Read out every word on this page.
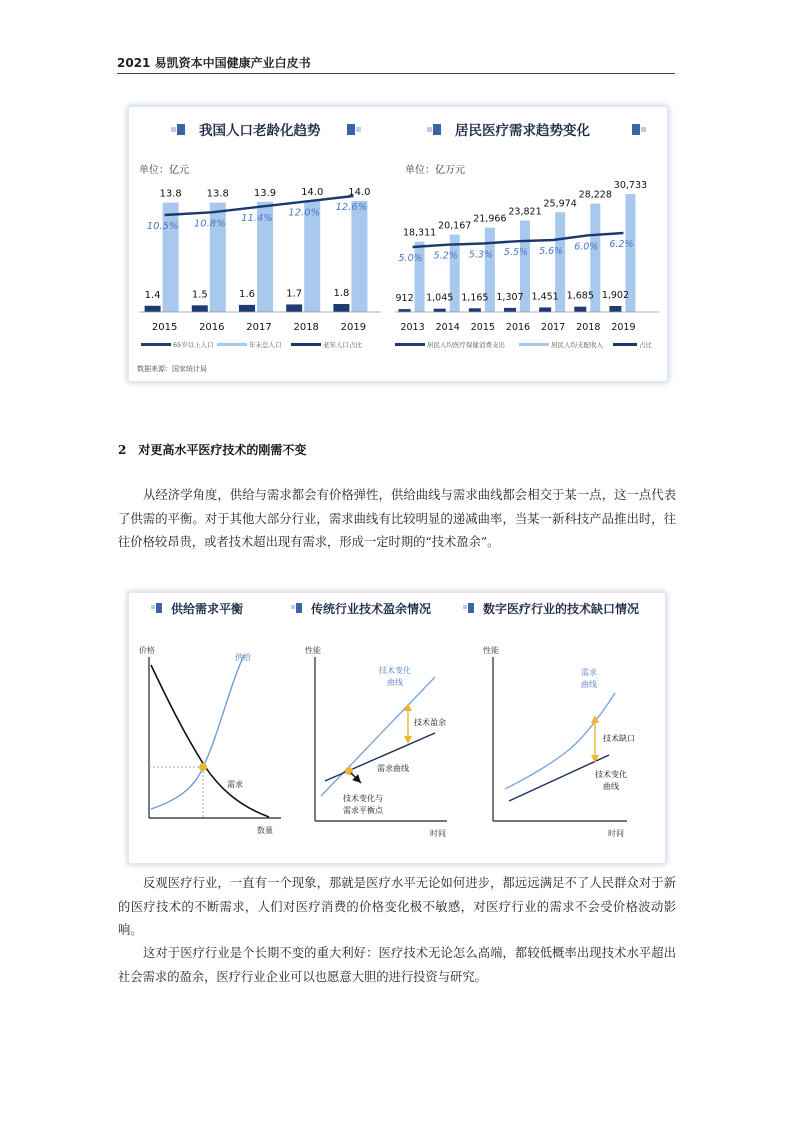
2021 易凯资本中国健康产业白皮书
我国人口老龄化趋势
单位：亿元
居民医疗需求趋势变化
单位：亿万元
13.8
1.4
2015
10.5%
13.8
1.5
2016
10.8%
13.9
1.6
2017
11.4%
14.0
1.7
2018
12.0%
14.0
1.8
2019
12.6%
18,311
912
2013
5.0%
20,167
1,045
2014
5.2%
21,966
1,165
2015
5.3%
23,821
1,307
2016
5.5%
25,974
1,451
2017
5.6%
28,228
1,685
2018
6.0%
30,733
1,902
2019
6.2%
65岁以上人口	年末总人口	老年人口占比	居民人均医疗保健消费支出	居民人均支配收入	占比
数据来源：国家统计局
2　对更高水平医疗技术的刚需不变

从经济学角度，供给与需求都会有价格弹性，供给曲线与需求曲线都会相交于某一点，这一点代表了供需的平衡。对于其他大部分行业，需求曲线有比较明显的递减曲率，当某一新科技产品推出时，往往价格较昂贵，或者技术超出现有需求，形成一定时期的“技术盈余”。

供给需求平衡
价格
数量
供给
需求
传统行业技术盈余情况
性能
时间
技术变化
曲线
技术盈余
需求曲线
技术变化与
需求平衡点
数字医疗行业的技术缺口情况
性能
时间
需求
曲线
技术缺口
技术变化
曲线

反观医疗行业，一直有一个现象，那就是医疗水平无论如何进步，都远远满足不了人民群众对于新的医疗技术的不断需求，人们对医疗消费的价格变化极不敏感，对医疗行业的需求不会受价格波动影响。

这对于医疗行业是个长期不变的重大利好：医疗技术无论怎么高端，都较低概率出现技术水平超出社会需求的盈余，医疗行业企业可以也愿意大胆的进行投资与研究。
